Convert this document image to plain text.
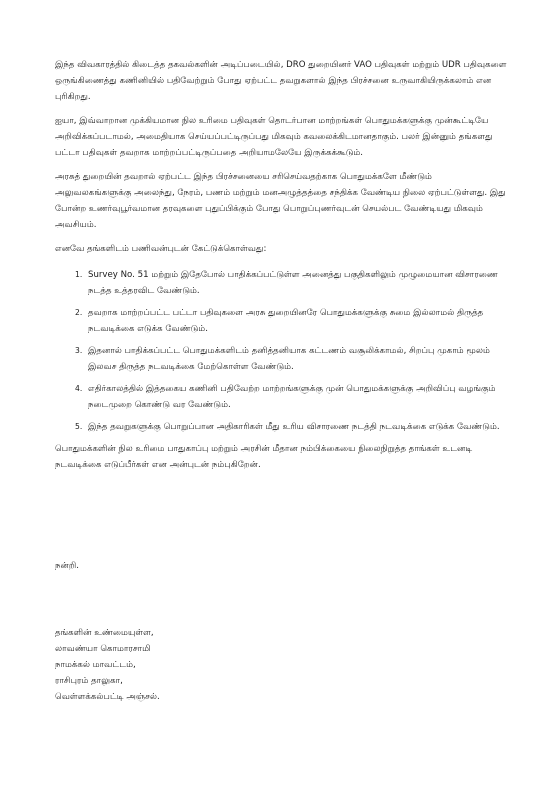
இந்த விவகாரத்தில் கிடைத்த தகவல்களின் அடிப்படையில், DRO துறையினர் VAO பதிவுகள் மற்றும் UDR பதிவுகளை ஒருங்கிணைத்து கணினியில் பதிவேற்றும் போது ஏற்பட்ட தவறுகளால் இந்த பிரச்சனை உருவாகியிருக்கலாம் என புரிகிறது.

ஐயா, இவ்வாறான முக்கியமான நில உரிமை பதிவுகள் தொடர்பான மாற்றங்கள் பொதுமக்களுக்கு முன்கூட்டியே அறிவிக்கப்படாமல், அமைதியாக செய்யப்பட்டிருப்பது மிகவும் கவலைக்கிடமானதாகும். பலர் இன்னும் தங்களது பட்டா பதிவுகள் தவறாக மாற்றப்பட்டிருப்பதை அறியாமலேயே இருக்கக்கூடும்.

அரசுத் துறையின் தவறால் ஏற்பட்ட இந்த பிரச்சனையை சரிசெய்வதற்காக பொதுமக்களே மீண்டும் அலுவலகங்களுக்கு அலைந்து, நேரம், பணம் மற்றும் மனஅழுத்தத்தை சந்திக்க வேண்டிய நிலை ஏற்பட்டுள்ளது. இது போன்ற உணர்வுபூர்வமான தரவுகளை புதுப்பிக்கும் போது பொறுப்புணர்வுடன் செயல்பட வேண்டியது மிகவும் அவசியம்.

எனவே தங்களிடம் பணிவன்புடன் கேட்டுக்கொள்வது:

1. Survey No. 51 மற்றும் இதேபோல் பாதிக்கப்பட்டுள்ள அனைத்து பகுதிகளிலும் முழுமையான விசாரணை நடத்த உத்தரவிட வேண்டும்.
2. தவறாக மாற்றப்பட்ட பட்டா பதிவுகளை அரசு துறையினரே பொதுமக்களுக்கு சுமை இல்லாமல் திருத்த நடவடிக்கை எடுக்க வேண்டும்.
3. இதனால் பாதிக்கப்பட்ட பொதுமக்களிடம் தனித்தனியாக கட்டணம் வசூலிக்காமல், சிறப்பு முகாம் மூலம் இலவச திருத்த நடவடிக்கை மேற்கொள்ள வேண்டும்.
4. எதிர்காலத்தில் இத்தகைய கணினி பதிவேற்ற மாற்றங்களுக்கு முன் பொதுமக்களுக்கு அறிவிப்பு வழங்கும் நடைமுறை கொண்டு வர வேண்டும்.
5. இந்த தவறுகளுக்கு பொறுப்பான அதிகாரிகள் மீது உரிய விசாரணை நடத்தி நடவடிக்கை எடுக்க வேண்டும்.

பொதுமக்களின் நில உரிமை பாதுகாப்பு மற்றும் அரசின் மீதான நம்பிக்கையை நிலைநிறுத்த தாங்கள் உடனடி நடவடிக்கை எடுப்பீர்கள் என அன்புடன் நம்புகிறேன்.

நன்றி.
தங்களின் உண்மையுள்ள,
லாவண்யா கொமாரசாமி
நாமக்கல் மாவட்டம்,
ராசிபுரம் தாலுகா,
வெள்ளக்கல்பட்டி அஞ்சல்.
